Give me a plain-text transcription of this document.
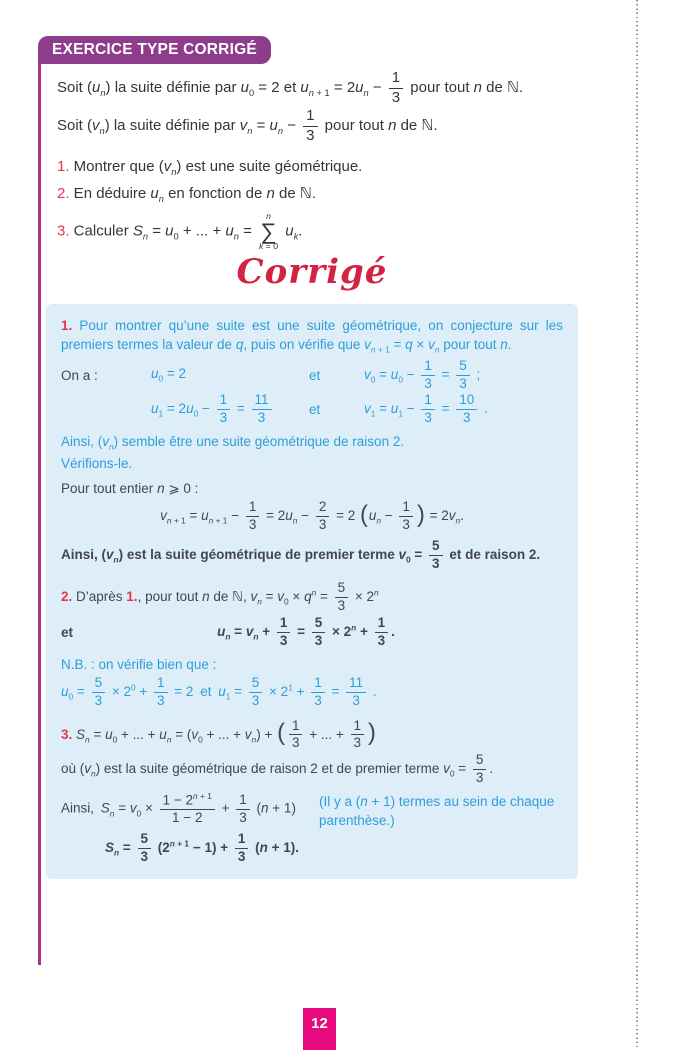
EXERCICE TYPE CORRIGÉ
Soit $(u_n)$ la suite définie par $u_0 = 2$ et $u_{n + 1} = 2u_n - \frac{1}{3}$ pour tout n de ℕ.
Soit $(v_n)$ la suite définie par $v_n = u_n - \frac{1}{3}$ pour tout n de ℕ.
1. Montrer que $(v_n)$ est une suite géométrique.
2. En déduire $u_n$ en fonction de n de ℕ.
3. Calculer $S_n = u_0$ + ... + $u_n$ =
n
∑
k = 0
$u_k$.
Corrigé
1. Pour montrer qu’une suite est une suite géométrique, on conjecture sur les premiers termes la valeur de q, puis on vérifie que $v_{n + 1} = q \times v_n$ pour tout n.
On a :	$u_0 = 2$	et	$v_0 = u_0 - \frac{1}{3} = \frac{5}{3}$ ;
$u_1 = 2u_0 - \frac{1}{3} = \frac{11}{3}$	et	$v_1 = u_1 - \frac{1}{3} = \frac{10}{3}$ .
Ainsi, $(v_n)$ semble être une suite géométrique de raison 2.
Vérifions-le.
Pour tout entier n ⩾ 0 :
$v_{n + 1} = u_{n + 1} - \frac{1}{3} = 2u_n - \frac{2}{3} = 2$ ($u_n - \frac{1}{3}$ ) = $2v_n$.
Ainsi, $(v_n)$ est la suite géométrique de premier terme $v_0 = \frac{5}{3}$ et de raison 2.
2. D’après 1., pour tout n de ℕ, $v_n = v_0 \times q^n = \frac{5}{3} \times 2^n$
et	$u_n = v_n + \frac{1}{3} = \frac{5}{3} \times 2^n + \frac{1}{3}$ .
N.B. : on vérifie bien que :
$u_0 = \frac{5}{3} \times 2^0 + \frac{1}{3} = 2$ et $u_1 = \frac{5}{3} \times 2^1 + \frac{1}{3} = \frac{11}{3}$ .
3. $S_n = u_0$ + ... + $u_n = (v_0$ + ... + $v_n$) + ( $\frac{1}{3}$ + ... + $\frac{1}{3}$ )
où $(v_n)$ est la suite géométrique de raison 2 et de premier terme $v_0 = \frac{5}{3}$ .
Ainsi, $S_n = v_0 \times \frac{1 - 2^{n + 1}}{1 - 2} + \frac{1}{3} (n + 1)$	(Il y a (n + 1) termes au sein de chaque parenthèse.)
$S_n = \frac{5}{3} (2^{n + 1} - 1) + \frac{1}{3} (n + 1)$.
12
